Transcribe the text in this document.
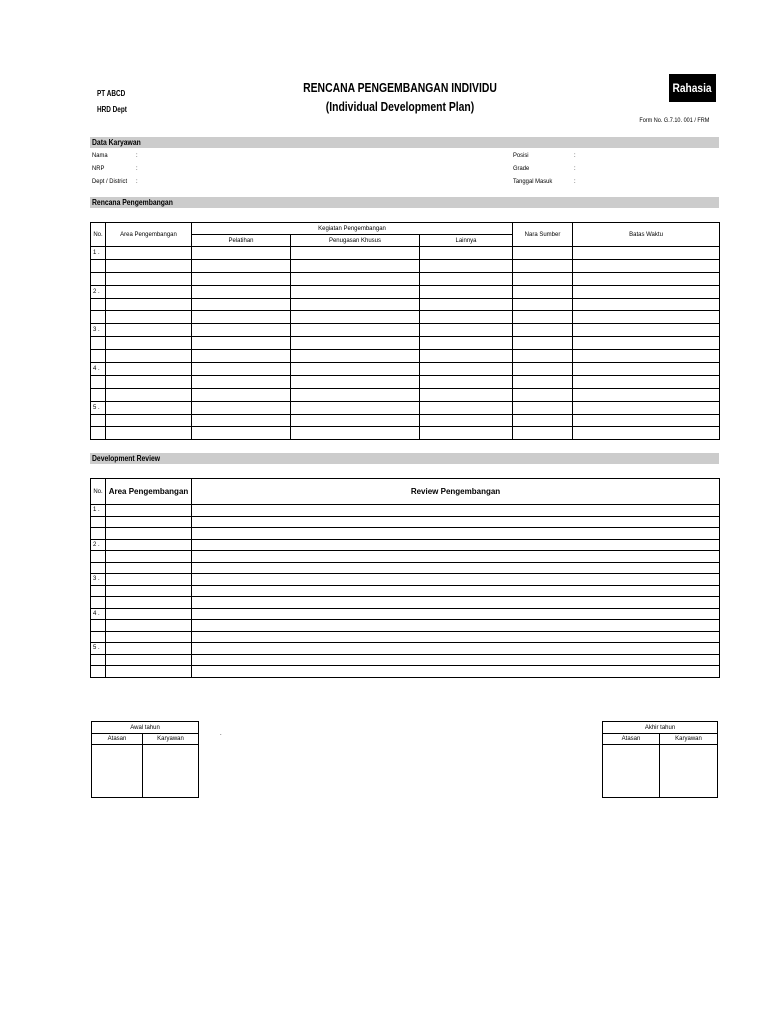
PT ABCD
HRD Dept
RENCANA PENGEMBANGAN INDIVIDU
(Individual Development Plan)
Rahasia
Form No. G.7.10. 001 / FRM
Data Karyawan
Nama	:
NRP	:
Dept / District :
Posisi	:
Grade	:
Tanggal Masuk	:
Rencana Pengembangan
No.	Area Pengembangan	Kegiatan Pengembangan			Nara Sumber	Batas Waktu
		Pelatihan	Penugasan Khusus	Lainnya		
1 .						

2 .						

3 .						

4 .						

5 .						

Development Review
No.	Area Pengembangan	Review Pengembangan
1 .		

2 .		

3 .		

4 .		

5 .		

Awal tahun	
Atasan	Karyawan

.
Akhir tahun	
Atasan	Karyawan
